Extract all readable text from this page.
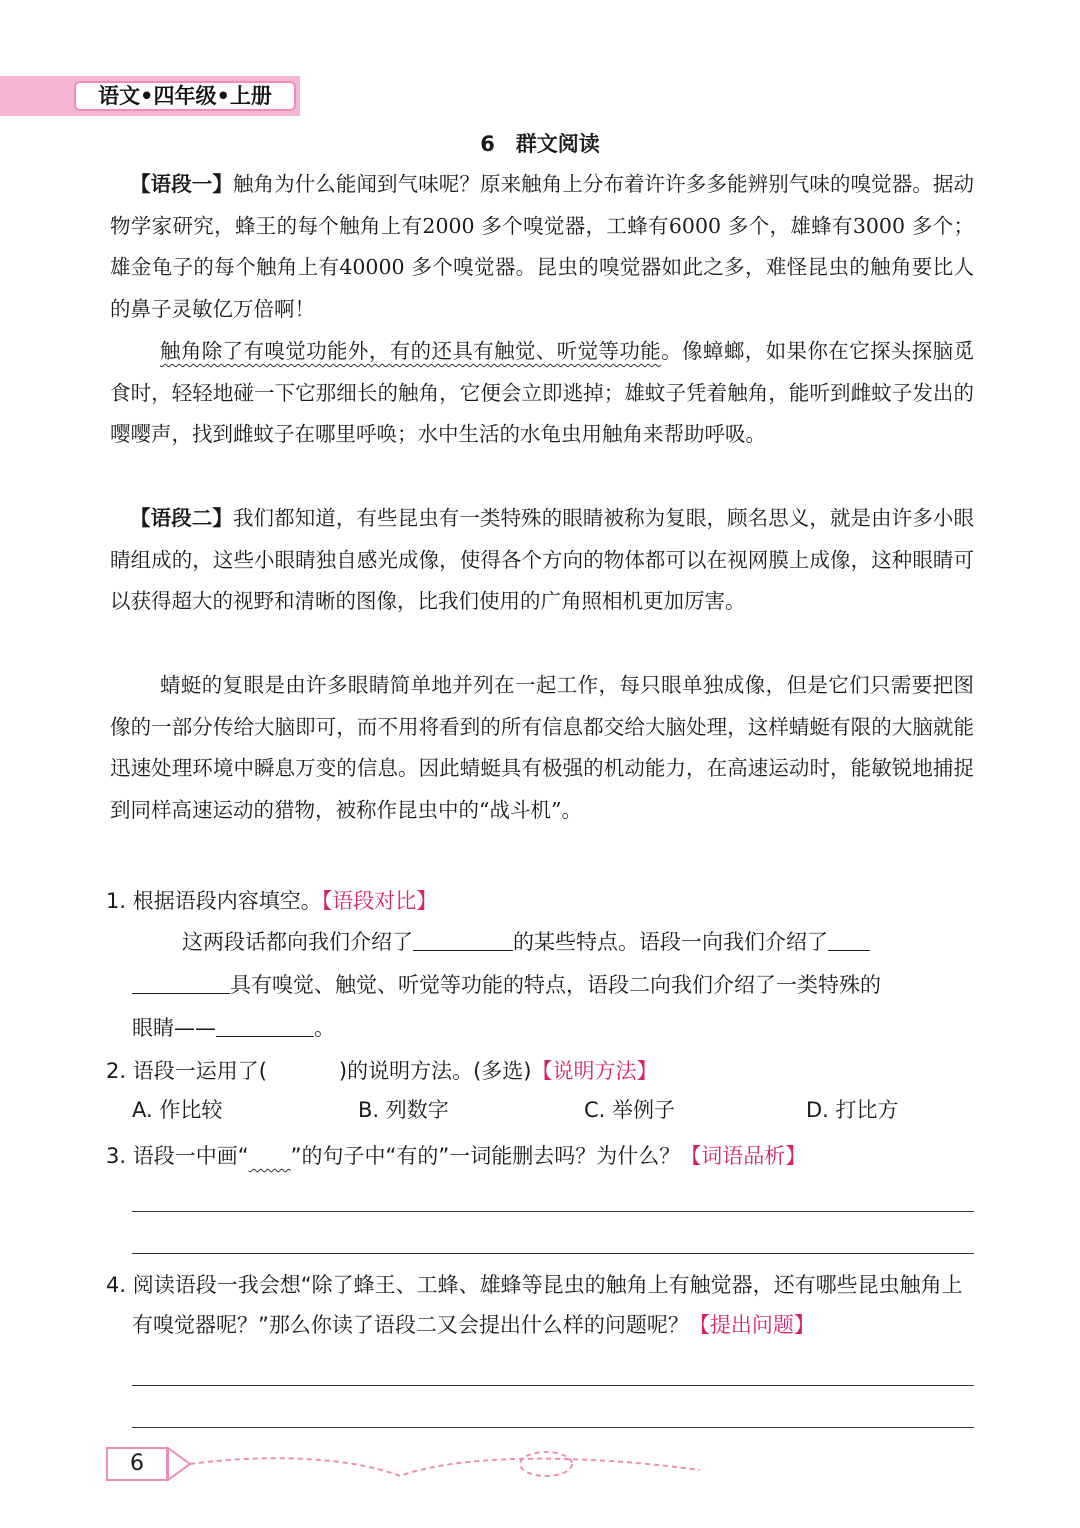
语文•四年级•上册
6　群文阅读

【语段一】触角为什么能闻到气味呢？原来触角上分布着许许多多能辨别气味的嗅觉器。据动物学家研究，蜂王的每个触角上有2000 多个嗅觉器，工蜂有6000 多个，雄蜂有3000 多个；雄金龟子的每个触角上有40000 多个嗅觉器。昆虫的嗅觉器如此之多，难怪昆虫的触角要比人的鼻子灵敏亿万倍啊！

触角除了有嗅觉功能外，有的还具有触觉、听觉等功能。像蟑螂，如果你在它探头探脑觅食时，轻轻地碰一下它那细长的触角，它便会立即逃掉；雄蚊子凭着触角，能听到雌蚊子发出的嘤嘤声，找到雌蚊子在哪里呼唤；水中生活的水龟虫用触角来帮助呼吸。

【语段二】我们都知道，有些昆虫有一类特殊的眼睛被称为复眼，顾名思义，就是由许多小眼睛组成的，这些小眼睛独自感光成像，使得各个方向的物体都可以在视网膜上成像，这种眼睛可以获得超大的视野和清晰的图像，比我们使用的广角照相机更加厉害。

蜻蜓的复眼是由许多眼睛简单地并列在一起工作，每只眼单独成像，但是它们只需要把图像的一部分传给大脑即可，而不用将看到的所有信息都交给大脑处理，这样蜻蜓有限的大脑就能迅速处理环境中瞬息万变的信息。因此蜻蜓具有极强的机动能力，在高速运动时，能敏锐地捕捉到同样高速运动的猎物，被称作昆虫中的“战斗机”。

1. 根据语段内容填空。【语段对比】
这两段话都向我们介绍了	的某些特点。语段一向我们介绍了
具有嗅觉、触觉、听觉等功能的特点，语段二向我们介绍了一类特殊的
眼睛——	。
2. 语段一运用了(	)的说明方法。(多选)【说明方法】
A. 作比较	B. 列数字	C. 举例子	D. 打比方
3. 语段一中画“   ”的句子中“有的”一词能删去吗？为什么？【词语品析】
4. 阅读语段一我会想“除了蜂王、工蜂、雄蜂等昆虫的触角上有触觉器，还有哪些昆虫触角上有嗅觉器呢？”那么你读了语段二又会提出什么样的问题呢？【提出问题】
6
